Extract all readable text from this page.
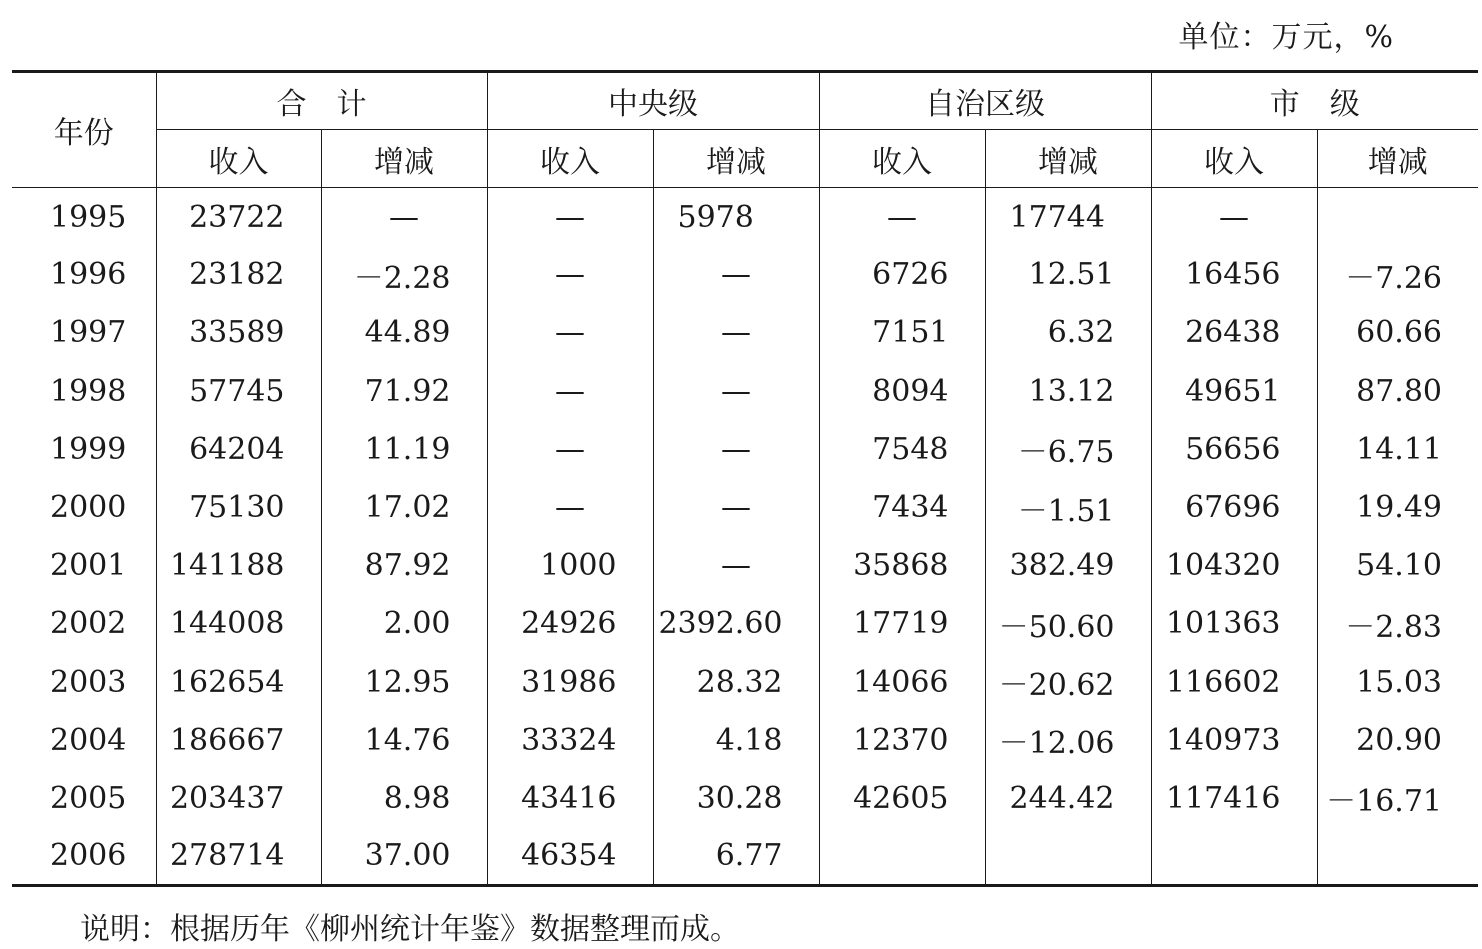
单位：万元，%
年份	合　计		中央级		自治区级		市　级	
	收入	增减	收入	增减	收入	增减	收入	增减
1995	23722	—	—	5978	—	17744	—	
1996	23182	－2.28	—	—	6726	12.51	16456	－7.26
1997	33589	44.89	—	—	7151	6.32	26438	60.66
1998	57745	71.92	—	—	8094	13.12	49651	87.80
1999	64204	11.19	—	—	7548	－6.75	56656	14.11
2000	75130	17.02	—	—	7434	－1.51	67696	19.49
2001	141188	87.92	1000	—	35868	382.49	104320	54.10
2002	144008	2.00	24926	2392.60	17719	－50.60	101363	－2.83
2003	162654	12.95	31986	28.32	14066	－20.62	116602	15.03
2004	186667	14.76	33324	4.18	12370	－12.06	140973	20.90
2005	203437	8.98	43416	30.28	42605	244.42	117416	－16.71
2006	278714	37.00	46354	6.77				
说明：根据历年《柳州统计年鉴》数据整理而成。
